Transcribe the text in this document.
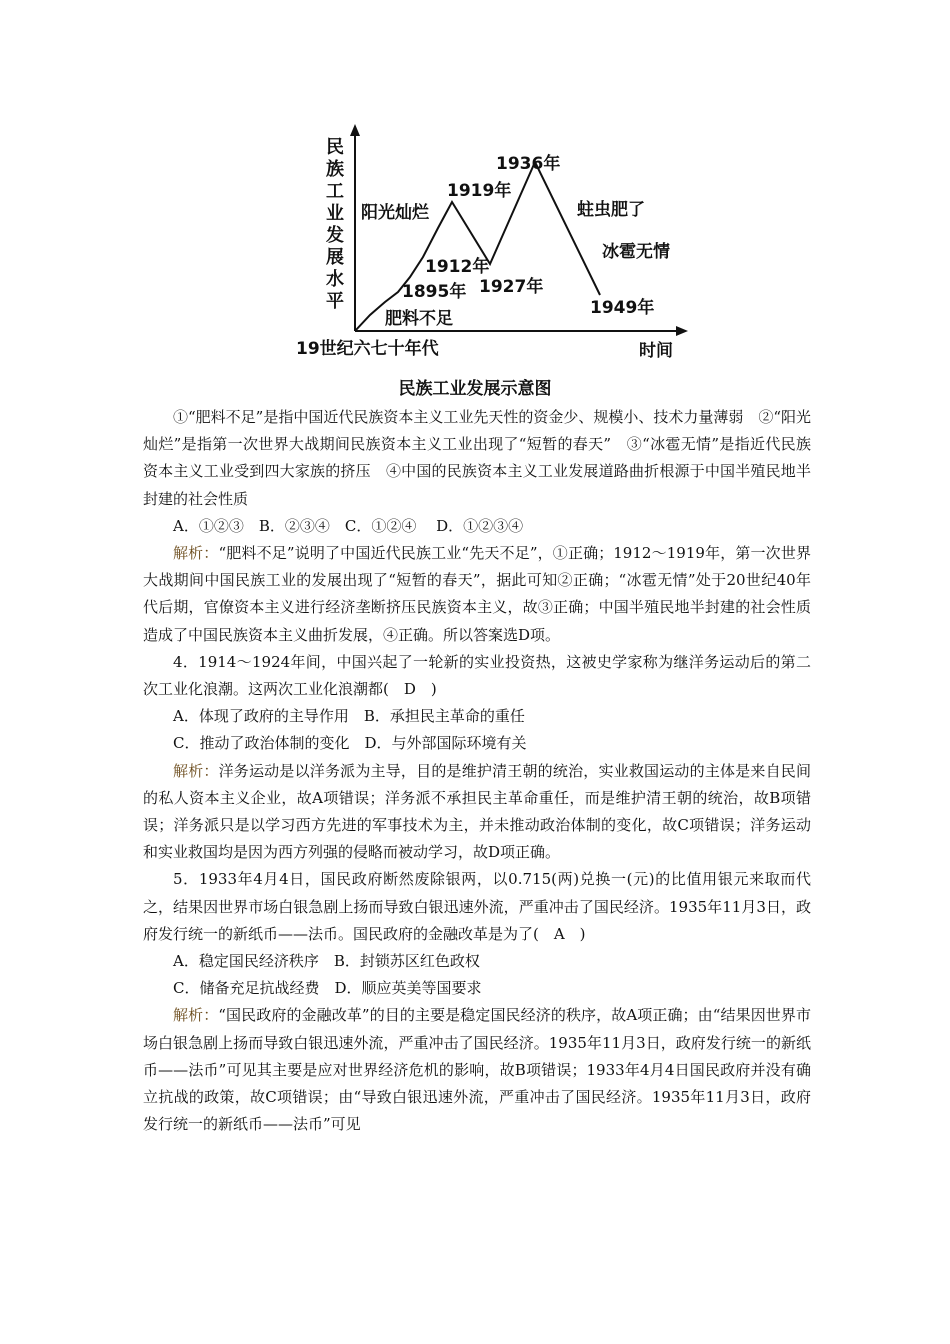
民
族
工
业
发
展
水
平
19世纪六七十年代	时间
1895年
1912年
1919年
1927年
1936年
1949年
肥料不足
阳光灿烂	蛀虫肥了
冰雹无情
民族工业发展示意图

①“肥料不足”是指中国近代民族资本主义工业先天性的资金少、规模小、技术力量薄弱　②“阳光灿烂”是指第一次世界大战期间民族资本主义工业出现了“短暂的春天”　③“冰雹无情”是指近代民族资本主义工业受到四大家族的挤压　④中国的民族资本主义工业发展道路曲折根源于中国半殖民地半封建的社会性质

A．①②③　B．②③④　C．①②④　 D．①②③④

解析：“肥料不足”说明了中国近代民族工业“先天不足”，①正确；1912～1919年，第一次世界大战期间中国民族工业的发展出现了“短暂的春天”，据此可知②正确；“冰雹无情”处于20世纪40年代后期，官僚资本主义进行经济垄断挤压民族资本主义，故③正确；中国半殖民地半封建的社会性质造成了中国民族资本主义曲折发展，④正确。所以答案选D项。

4．1914～1924年间，中国兴起了一轮新的实业投资热，这被史学家称为继洋务运动后的第二次工业化浪潮。这两次工业化浪潮都(　D　)

A．体现了政府的主导作用　B．承担民主革命的重任

C．推动了政治体制的变化　D．与外部国际环境有关

解析：洋务运动是以洋务派为主导，目的是维护清王朝的统治，实业救国运动的主体是来自民间的私人资本主义企业，故A项错误；洋务派不承担民主革命重任，而是维护清王朝的统治，故B项错误；洋务派只是以学习西方先进的军事技术为主，并未推动政治体制的变化，故C项错误；洋务运动和实业救国均是因为西方列强的侵略而被动学习，故D项正确。

5．1933年4月4日，国民政府断然废除银两，以0.715(两)兑换一(元)的比值用银元来取而代之，结果因世界市场白银急剧上扬而导致白银迅速外流，严重冲击了国民经济。1935年11月3日，政府发行统一的新纸币——法币。国民政府的金融改革是为了(　A　)

A．稳定国民经济秩序　B．封锁苏区红色政权

C．储备充足抗战经费　D．顺应英美等国要求

解析：“国民政府的金融改革”的目的主要是稳定国民经济的秩序，故A项正确；由“结果因世界市场白银急剧上扬而导致白银迅速外流，严重冲击了国民经济。1935年11月3日，政府发行统一的新纸币——法币”可见其主要是应对世界经济危机的影响，故B项错误；1933年4月4日国民政府并没有确立抗战的政策，故C项错误；由“导致白银迅速外流，严重冲击了国民经济。1935年11月3日，政府发行统一的新纸币——法币”可见
